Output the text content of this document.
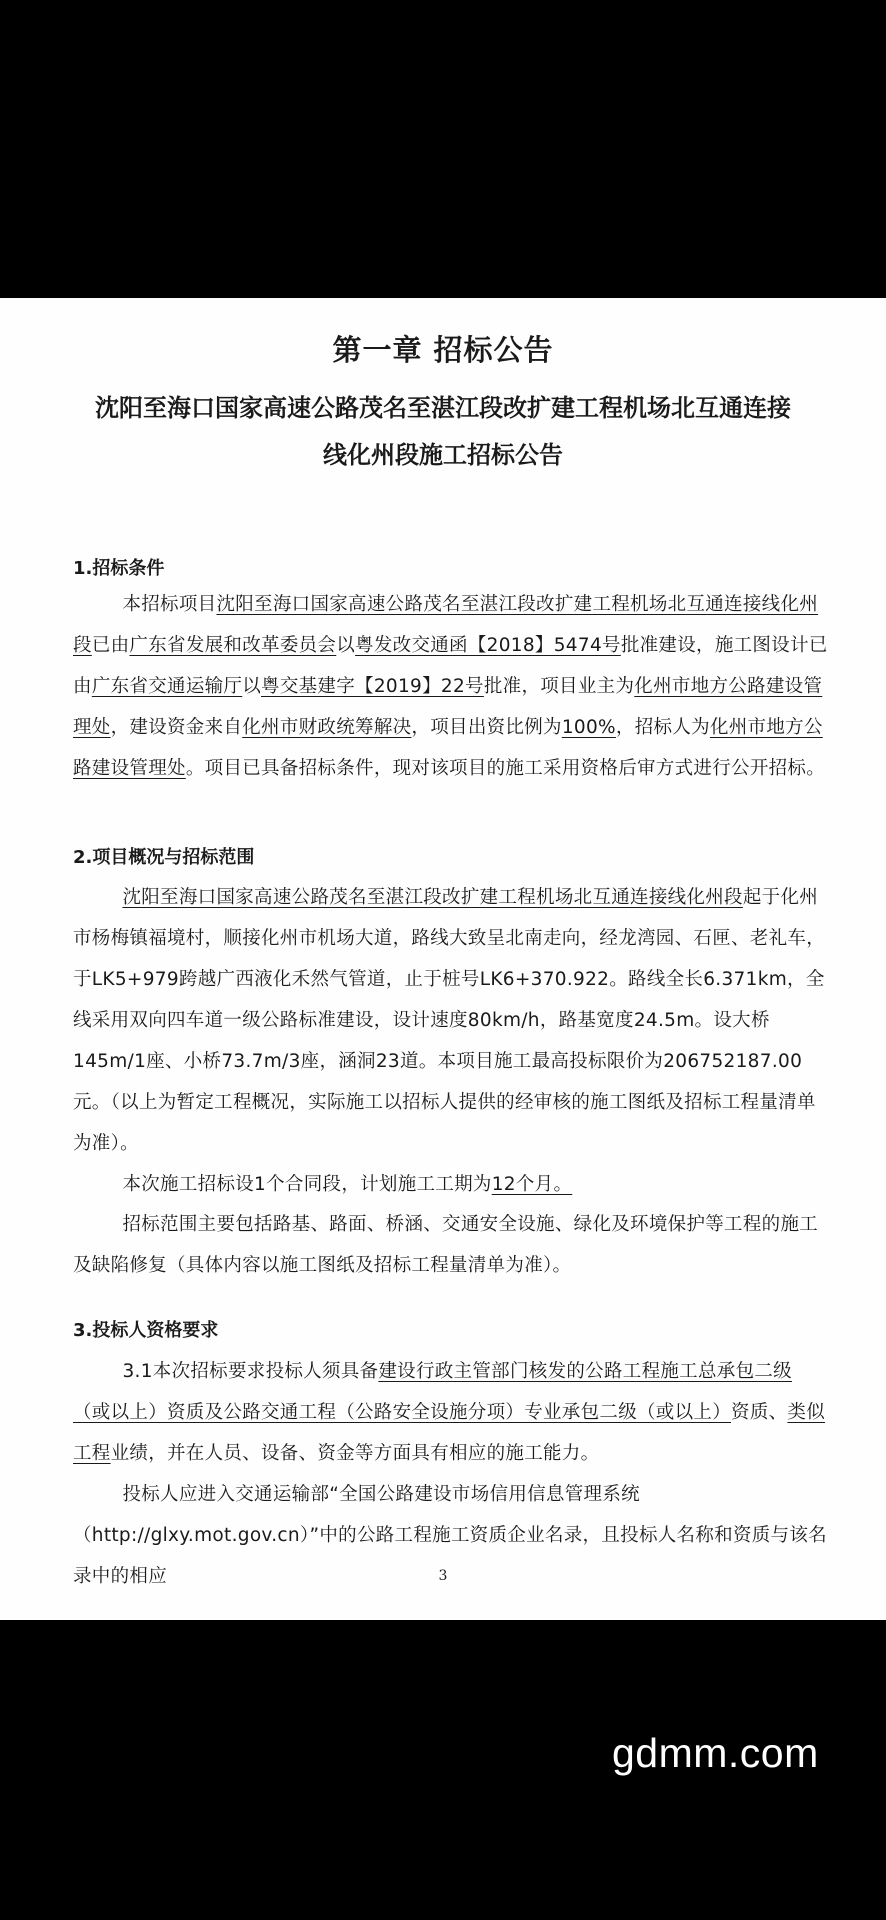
第一章 招标公告
沈阳至海口国家高速公路茂名至湛江段改扩建工程机场北互通连接
线化州段施工招标公告
1.招标条件
本招标项目沈阳至海口国家高速公路茂名至湛江段改扩建工程机场北互通连接线化州段已由广东省发展和改革委员会以粤发改交通函【2018】5474号批准建设，施工图设计已由广东省交通运输厅以粤交基建字【2019】22号批准，项目业主为化州市地方公路建设管理处，建设资金来自化州市财政统筹解决，项目出资比例为100%，招标人为化州市地方公路建设管理处。项目已具备招标条件，现对该项目的施工采用资格后审方式进行公开招标。
2.项目概况与招标范围
沈阳至海口国家高速公路茂名至湛江段改扩建工程机场北互通连接线化州段起于化州市杨梅镇福境村，顺接化州市机场大道，路线大致呈北南走向，经龙湾园、石匣、老礼车，于LK5+979跨越广西液化禾然气管道，止于桩号LK6+370.922。路线全长6.371km，全线采用双向四车道一级公路标准建设，设计速度80km/h，路基宽度24.5m。设大桥145m/1座、小桥73.7m/3座，涵洞23道。本项目施工最高投标限价为206752187.00元。（以上为暂定工程概况，实际施工以招标人提供的经审核的施工图纸及招标工程量清单为准）。
本次施工招标设1个合同段，计划施工工期为12个月。
招标范围主要包括路基、路面、桥涵、交通安全设施、绿化及环境保护等工程的施工及缺陷修复（具体内容以施工图纸及招标工程量清单为准）。
3.投标人资格要求
3.1本次招标要求投标人须具备建设行政主管部门核发的公路工程施工总承包二级（或以上）资质及公路交通工程（公路安全设施分项）专业承包二级（或以上）资质、类似工程业绩，并在人员、设备、资金等方面具有相应的施工能力。
投标人应进入交通运输部“全国公路建设市场信用信息管理系统（http://glxy.mot.gov.cn）”中的公路工程施工资质企业名录，且投标人名称和资质与该名录中的相应	3
gdmm.com
